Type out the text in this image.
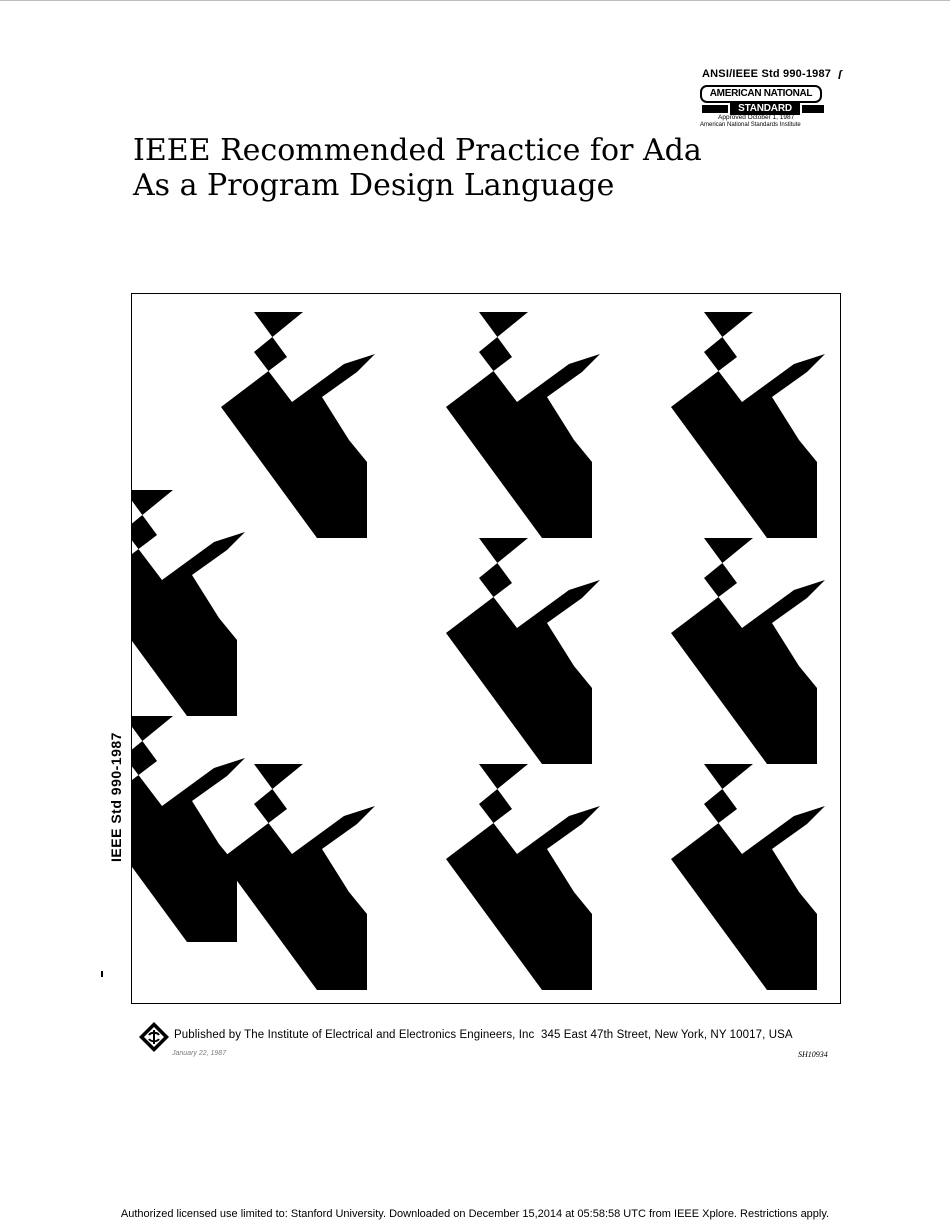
ANSI/IEEE Std 990-1987 ſ
AMERICAN NATIONAL
STANDARD
Approved October 1, 1987
American National Standards Institute
IEEE Recommended Practice for Ada
As a Program Design Language
IEEE Std 990-1987
Published by The Institute of Electrical and Electronics Engineers, Inc 345 East 47th Street, New York, NY 10017, USA
January 22, 1987	SH10934
Authorized licensed use limited to: Stanford University. Downloaded on December 15,2014 at 05:58:58 UTC from IEEE Xplore. Restrictions apply.
